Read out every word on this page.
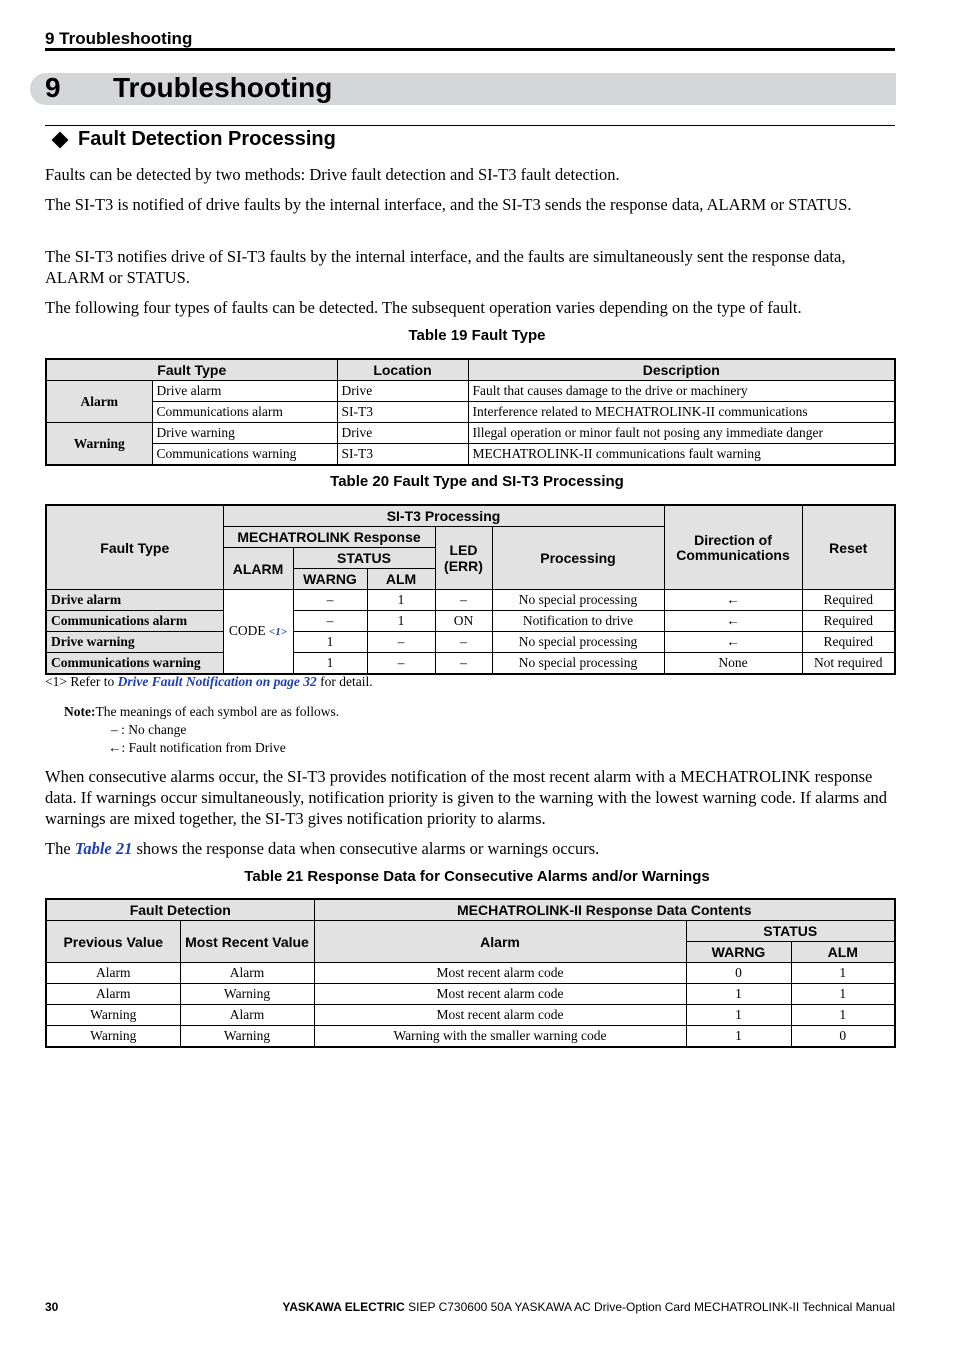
9 Troubleshooting
9 Troubleshooting
Fault Detection Processing
Faults can be detected by two methods: Drive fault detection and SI-T3 fault detection.
The SI-T3 is notified of drive faults by the internal interface, and the SI-T3 sends the response data, ALARM or STATUS.
The SI-T3 notifies drive of SI-T3 faults by the internal interface, and the faults are simultaneously sent the response data, ALARM or STATUS.
The following four types of faults can be detected. The subsequent operation varies depending on the type of fault.
Table 19 Fault Type
Fault Type		Location	Description
Alarm	Drive alarm	Drive	Fault that causes damage to the drive or machinery
	Communications alarm	SI-T3	Interference related to MECHATROLINK-II communications
Warning	Drive warning	Drive	Illegal operation or minor fault not posing any immediate danger
	Communications warning	SI-T3	MECHATROLINK-II communications fault warning
Table 20 Fault Type and SI-T3 Processing
Fault Type	SI-T3 Processing					Direction of Communications	Reset
	MECHATROLINK Response			LED (ERR)	Processing		
	ALARM	STATUS					
		WARNG	ALM				
Drive alarm	CODE <1>	–	1	–	No special processing	←	Required
Communications alarm		–	1	ON	Notification to drive	←	Required
Drive warning		1	–	–	No special processing	←	Required
Communications warning		1	–	–	No special processing	None	Not required
<1> Refer to Drive Fault Notification on page 32 for detail.
Note:The meanings of each symbol are as follows.
– : No change
←: Fault notification from Drive
When consecutive alarms occur, the SI-T3 provides notification of the most recent alarm with a MECHATROLINK response data. If warnings occur simultaneously, notification priority is given to the warning with the lowest warning code. If alarms and warnings are mixed together, the SI-T3 gives notification priority to alarms.
The Table 21 shows the response data when consecutive alarms or warnings occurs.
Table 21 Response Data for Consecutive Alarms and/or Warnings
Fault Detection		MECHATROLINK-II Response Data Contents		
Previous Value	Most Recent Value	Alarm	STATUS	
			WARNG	ALM
Alarm	Alarm	Most recent alarm code	0	1
Alarm	Warning	Most recent alarm code	1	1
Warning	Alarm	Most recent alarm code	1	1
Warning	Warning	Warning with the smaller warning code	1	0
30	YASKAWA ELECTRIC SIEP C730600 50A YASKAWA AC Drive-Option Card MECHATROLINK-II Technical Manual
